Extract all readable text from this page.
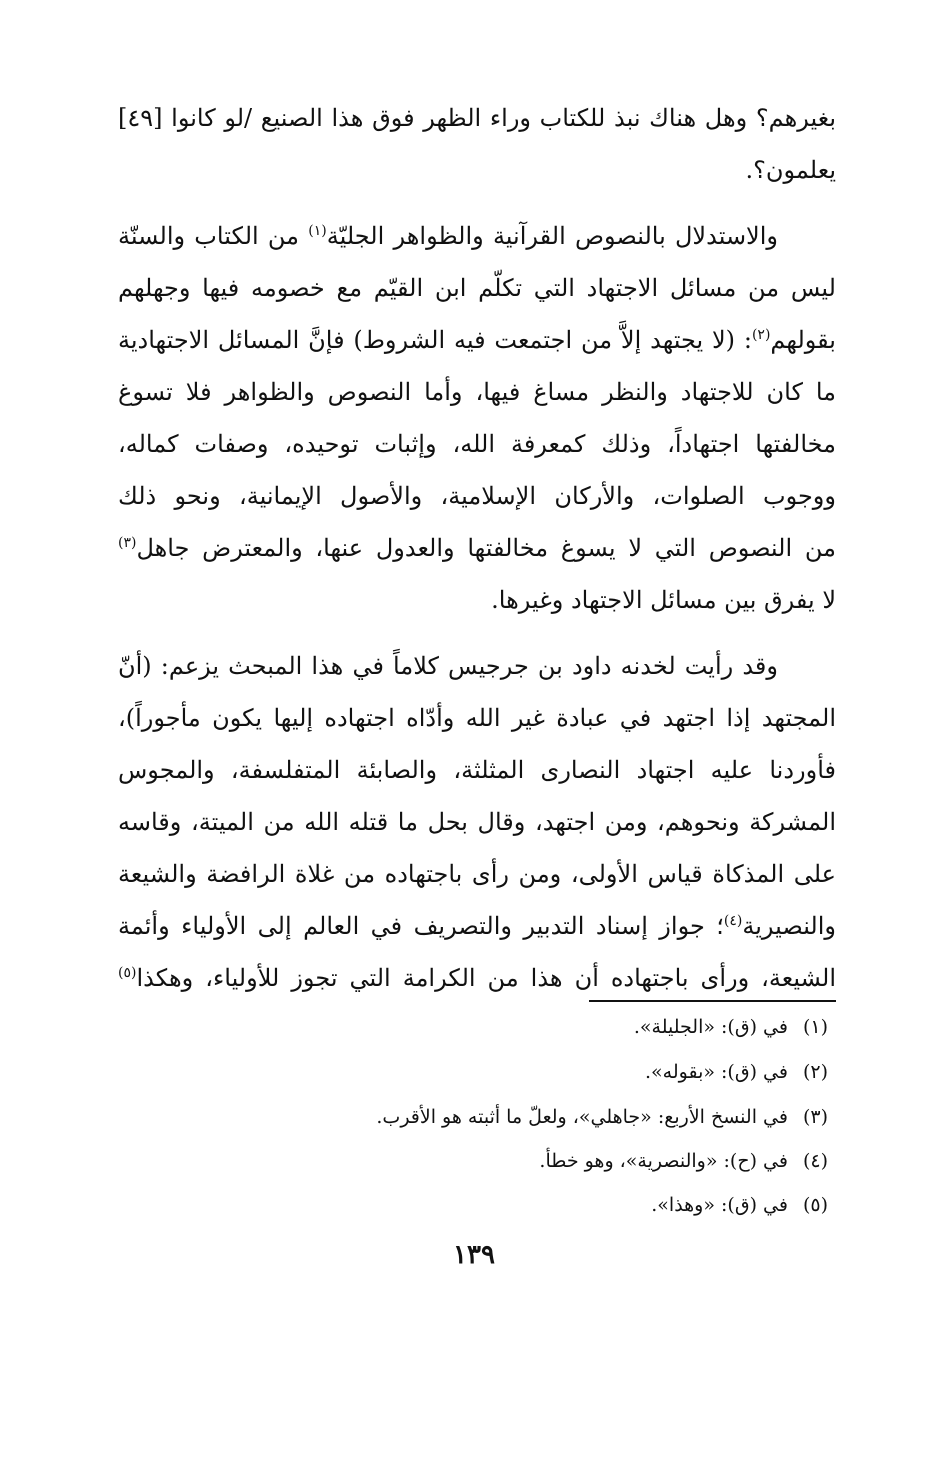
بغيرهم؟ وهل هناك نبذ للكتاب وراء الظهر فوق هذا الصنيع /لو كانوا [٤٩]
يعلمون؟.
والاستدلال بالنصوص القرآنية والظواهر الجليّة$^{(١)}$ من الكتاب والسنّة
ليس من مسائل الاجتهاد التي تكلّم ابن القيّم مع خصومه فيها وجهلهم
بقولهم$^{(٢)}$: (لا يجتهد إلاَّ من اجتمعت فيه الشروط) فإنَّ المسائل الاجتهادية
ما كان للاجتهاد والنظر مساغ فيها، وأما النصوص والظواهر فلا تسوغ
مخالفتها اجتهاداً، وذلك كمعرفة الله، وإثبات توحيده، وصفات كماله،
ووجوب الصلوات، والأركان الإسلامية، والأصول الإيمانية، ونحو ذلك
من النصوص التي لا يسوغ مخالفتها والعدول عنها، والمعترض جاهل$^{(٣)}$
لا يفرق بين مسائل الاجتهاد وغيرها.
وقد رأيت لخدنه داود بن جرجيس كلاماً في هذا المبحث يزعم: (أنّ
المجتهد إذا اجتهد في عبادة غير الله وأدّاه اجتهاده إليها يكون مأجوراً)،
فأوردنا عليه اجتهاد النصارى المثلثة، والصابئة المتفلسفة، والمجوس
المشركة ونحوهم، ومن اجتهد، وقال بحل ما قتله الله من الميتة، وقاسه
على المذكاة قياس الأولى، ومن رأى باجتهاده من غلاة الرافضة والشيعة
والنصيرية$^{(٤)}$؛ جواز إسناد التدبير والتصريف في العالم إلى الأولياء وأئمة
الشيعة، ورأى باجتهاده أن هذا من الكرامة التي تجوز للأولياء، وهكذا$^{(٥)}$
(١) في (ق): «الجليلة».
(٢) في (ق): «بقوله».
(٣) في النسخ الأربع: «جاهلي»، ولعلّ ما أثبته هو الأقرب.
(٤) في (ح): «والنصرية»، وهو خطأ.
(٥) في (ق): «وهذا».
١٣٩
